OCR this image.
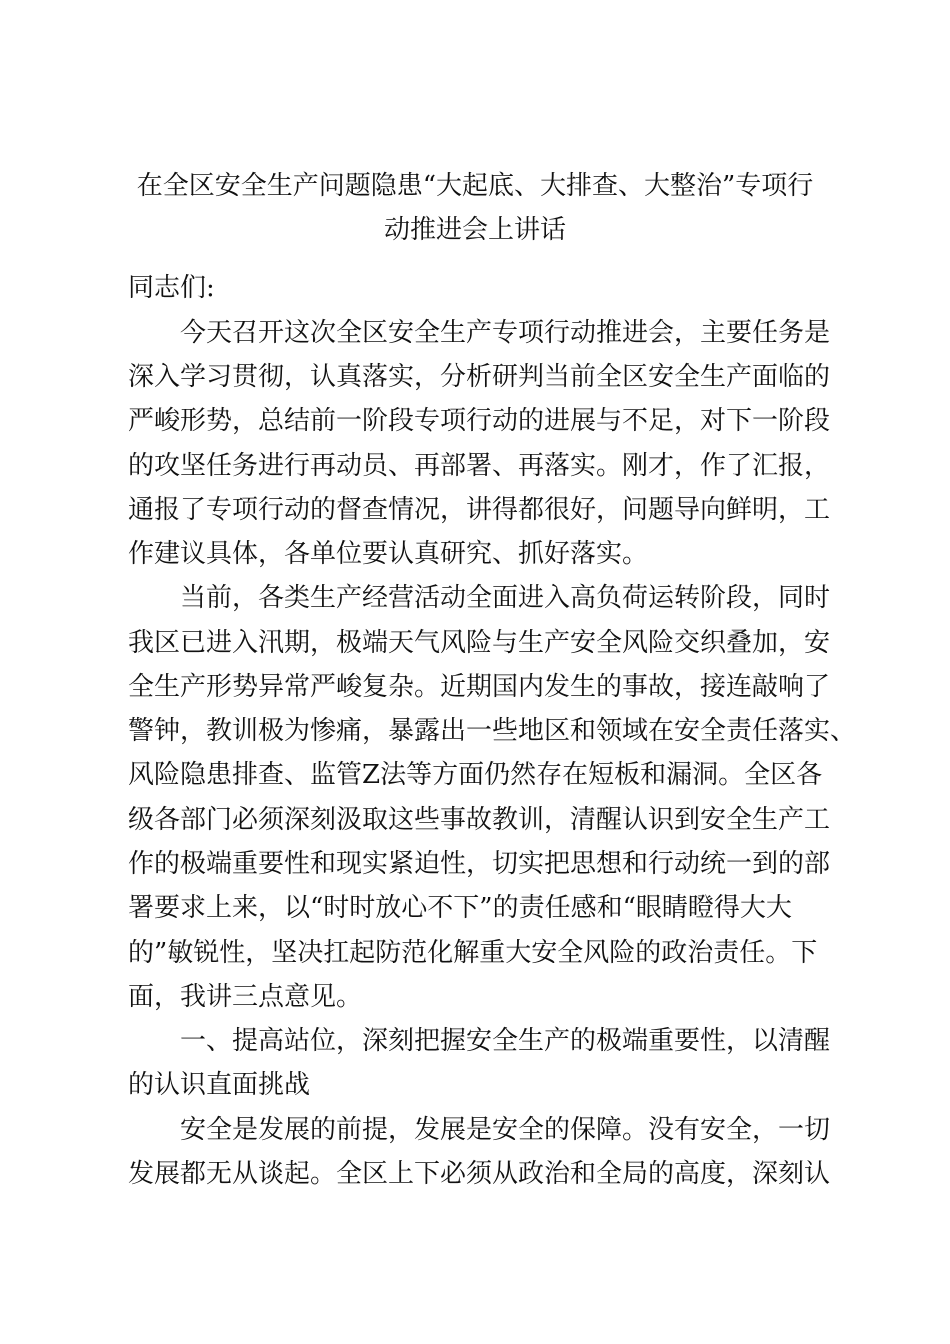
在全区安全生产问题隐患“大起底、大排查、大整治”专项行
动推进会上讲话

同志们:

　　今天召开这次全区安全生产专项行动推进会，主要任务是

深入学习贯彻，认真落实，分析研判当前全区安全生产面临的

严峻形势，总结前一阶段专项行动的进展与不足，对下一阶段

的攻坚任务进行再动员、再部署、再落实。刚才，作了汇报，

通报了专项行动的督查情况，讲得都很好，问题导向鲜明，工

作建议具体，各单位要认真研究、抓好落实。

　　当前，各类生产经营活动全面进入高负荷运转阶段，同时

我区已进入汛期，极端天气风险与生产安全风险交织叠加，安

全生产形势异常严峻复杂。近期国内发生的事故，接连敲响了

警钟，教训极为惨痛，暴露出一些地区和领域在安全责任落实、

风险隐患排查、监管Z法等方面仍然存在短板和漏洞。全区各

级各部门必须深刻汲取这些事故教训，清醒认识到安全生产工

作的极端重要性和现实紧迫性，切实把思想和行动统一到的部

署要求上来，以“时时放心不下”的责任感和“眼睛瞪得大大

的”敏锐性，坚决扛起防范化解重大安全风险的政治责任。下

面，我讲三点意见。

　　一、提高站位，深刻把握安全生产的极端重要性，以清醒

的认识直面挑战

　　安全是发展的前提，发展是安全的保障。没有安全，一切

发展都无从谈起。全区上下必须从政治和全局的高度，深刻认
